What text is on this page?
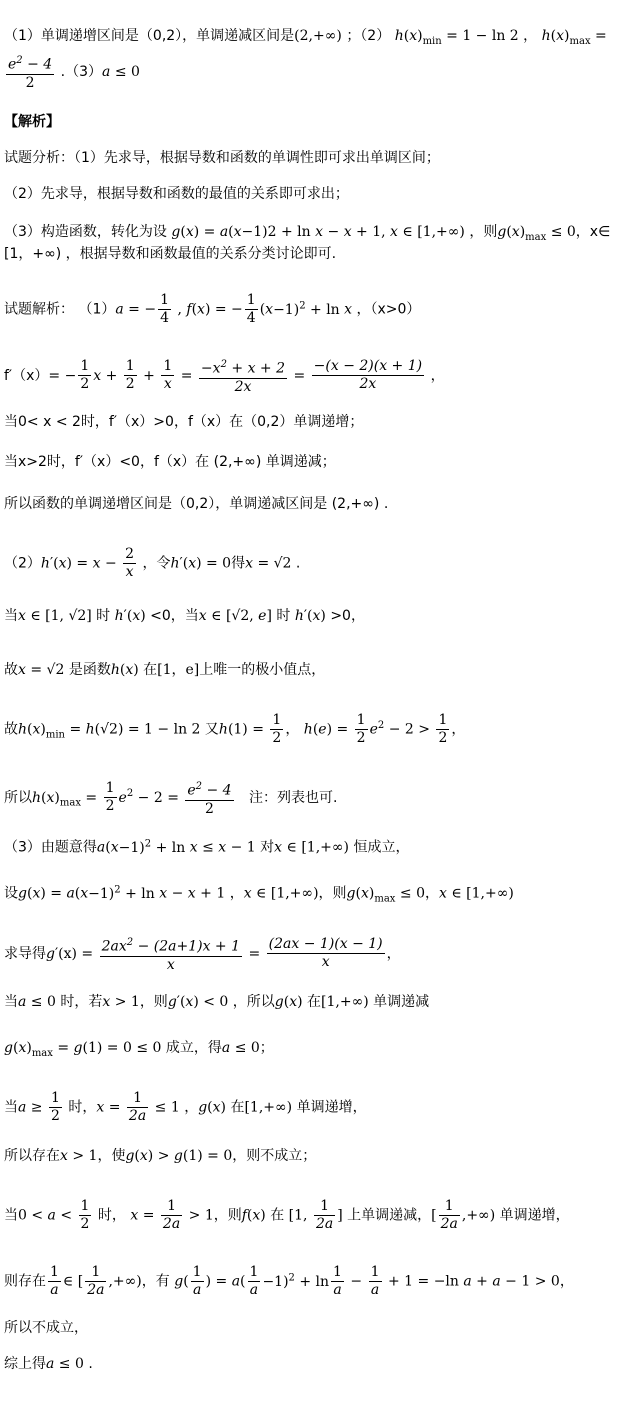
（1）单调递增区间是（0,2），单调递减区间是(2,+∞) ；（2） $h(x)_{min} = 1 - \ln 2$ ， $h(x)_{max}$ =
$\frac{e^2 - 4}{2} .(3)a \le 0$
【解析】
试题分析：（1）先求导，根据导数和函数的单调性即可求出单调区间；
（2）先求导，根据导数和函数的最值的关系即可求出；
（3）构造函数，转化为设 g(x) = a(x−1)2 + ln x − x + 1, x ∈ [1,+∞) ，则$g(x)_{max} \le 0$，x∈
[1，+∞) ，根据导数和函数最值的关系分类讨论即可.
试题解析： （1）a = − $\frac{1}{4}$ , f(x) = − $\frac{1}{4} (x-1)^2 + \ln x$ ，（x>0）
$f'(x)= - \frac{1}{2}$ $x + \frac{1}{2} + \frac{1}{x} = \frac{-x^2 + x + 2}{2x} = \frac{-(x - 2)(x + 1)}{2x}$ ，
当0< x < 2时，f′（x）>0，f（x）在（0,2）单调递增；
当x>2时，f′（x）<0，f（x）在 (2,+∞) 单调递减；
所以函数的单调递增区间是（0,2），单调递减区间是 (2,+∞) .
$(2)h'(x) = x - \frac{2}{x}$ ，令h′(x) = 0得x = √2 .
当x ∈ [1, √2] 时 h′(x) <0，当x ∈ [√2, e] 时 h′(x) >0，
故x = √2 是函数h(x) 在[1，e]上唯一的极小值点，
故$h(x)_{min} = h(√2) = 1 - \ln 2$ 又$h(1) = \frac{1}{2}$ ， $h(e) = \frac{1}{2} e^2 - 2 > \frac{1}{2}$ ，
所以$h(x)_{max} = \frac{1}{2} e^2 - 2 = \frac{e^2 - 4}{2}$ 注：列表也可.
（3）由题意得$a(x-1)^2 + \ln x \le x - 1$ 对x ∈ [1,+∞) 恒成立，
设$g(x) = a(x-1)^2 + \ln x - x + 1$ ，x ∈ [1,+∞)，则$g(x)_{max} \le 0$，x ∈ [1,+∞)
求导得$g'(x) = \frac{2ax^2 - (2a+1)x + 1}{x} = \frac{(2ax - 1)(x - 1)}{x}$ ，
当a ≤ 0 时，若x > 1，则g′(x) < 0 ，所以g(x) 在[1,+∞) 单调递减
$g(x)_{max} = g(1) = 0 \le 0$ 成立，得a ≤ 0；
当$a \ge \frac{1}{2}$ 时，$x = \frac{1}{2a} \le 1$ ，g(x) 在[1,+∞) 单调递增，
所以存在x > 1，使g(x) > g(1) = 0，则不成立；
当$0 < a < \frac{1}{2}$ 时， $x = \frac{1}{2a} > 1$，则f(x) 在 [1, $\frac{1}{2a}$ ] 上单调递减，[ $\frac{1}{2a}$ ,+∞) 单调递增，
则存在 $\frac{1}{a}$ ∈ [ $\frac{1}{2a}$ ,+∞)，有 $g( \frac{1}{a}$ ) = $a( \frac{1}{a} -1)^2 + \ln \frac{1}{a} - \frac{1}{a} + 1 = -\ln$ a + a − 1 > 0，
所以不成立，
综上得a ≤ 0 .
